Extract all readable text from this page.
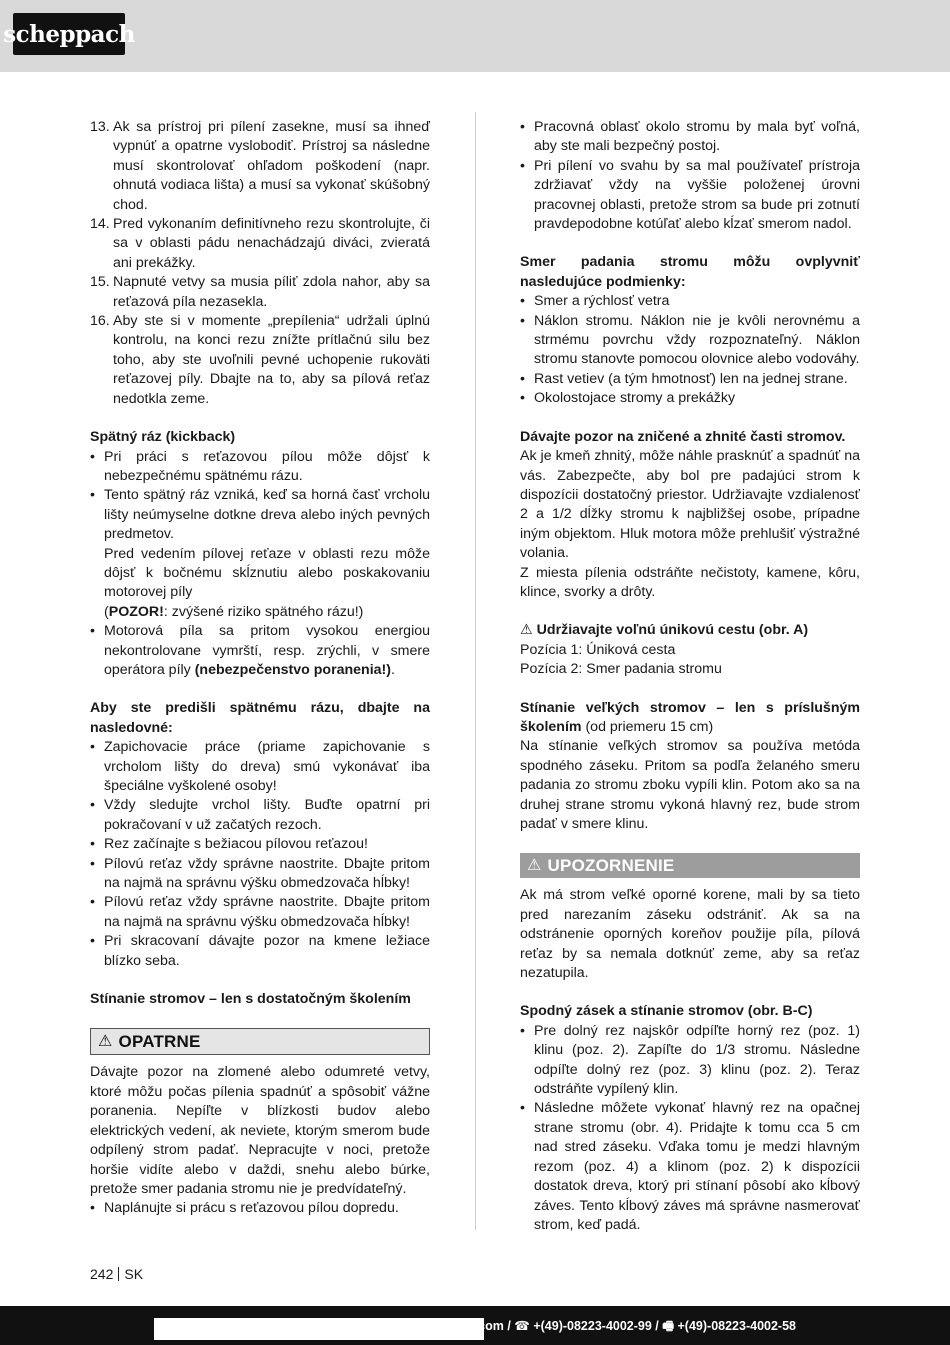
scheppach
13. Ak sa prístroj pri pílení zasekne, musí sa ihneď vypnúť a opatrne vyslobodiť. Prístroj sa následne musí skontrolovať ohľadom poškodení (napr. ohnutá vodiaca lišta) a musí sa vykonať skúšobný chod.
14. Pred vykonaním definitívneho rezu skontrolujte, či sa v oblasti pádu nenachádzajú diváci, zvieratá ani prekážky.
15. Napnuté vetvy sa musia píliť zdola nahor, aby sa reťazová píla nezasekla.
16. Aby ste si v momente „prepílenia“ udržali úplnú kontrolu, na konci rezu znížte prítlačnú silu bez toho, aby ste uvoľnili pevné uchopenie rukoväti reťazovej píly. Dbajte na to, aby sa pílová reťaz nedotkla zeme.

Spätný ráz (kickback)

• Pri práci s reťazovou pílou môže dôjsť k nebezpečnému spätnému rázu.
• Tento spätný ráz vzniká, keď sa horná časť vrcholu lišty neúmyselne dotkne dreva alebo iných pevných predmetov.
Pred vedením pílovej reťaze v oblasti rezu môže dôjsť k bočnému skĺznutiu alebo poskakovaniu motorovej píly
(POZOR!: zvýšené riziko spätného rázu!)
• Motorová píla sa pritom vysokou energiou nekontrolovane vymrští, resp. zrýchli, v smere operátora píly (nebezpečenstvo poranenia!).

Aby ste predišli spätnému rázu, dbajte na nasledovné:

• Zapichovacie práce (priame zapichovanie s vrcholom lišty do dreva) smú vykonávať iba špeciálne vyškolené osoby!
• Vždy sledujte vrchol lišty. Buďte opatrní pri pokračovaní v už začatých rezoch.
• Rez začínajte s bežiacou pílovou reťazou!
• Pílovú reťaz vždy správne naostrite. Dbajte pritom na najmä na správnu výšku obmedzovača hĺbky!
• Pílovú reťaz vždy správne naostrite. Dbajte pritom na najmä na správnu výšku obmedzovača hĺbky!
• Pri skracovaní dávajte pozor na kmene ležiace blízko seba.

Stínanie stromov – len s dostatočným školením

⚠ OPATRNE

Dávajte pozor na zlomené alebo odumreté vetvy, ktoré môžu počas pílenia spadnúť a spôsobiť vážne poranenia. Nepíľte v blízkosti budov alebo elektrických vedení, ak neviete, ktorým smerom bude odpílený strom padať. Nepracujte v noci, pretože horšie vidíte alebo v daždi, snehu alebo búrke, pretože smer padania stromu nie je predvídateľný.

• Naplánujte si prácu s reťazovou pílou dopredu.
• Pracovná oblasť okolo stromu by mala byť voľná, aby ste mali bezpečný postoj.
• Pri pílení vo svahu by sa mal používateľ prístroja zdržiavať vždy na vyššie položenej úrovni pracovnej oblasti, pretože strom sa bude pri zotnutí pravdepodobne kotúľať alebo kĺzať smerom nadol.

Smer padania stromu môžu ovplyvniť nasledujúce podmienky:

• Smer a rýchlosť vetra
• Náklon stromu. Náklon nie je kvôli nerovnému a strmému povrchu vždy rozpoznateľný. Náklon stromu stanovte pomocou olovnice alebo vodováhy.
• Rast vetiev (a tým hmotnosť) len na jednej strane.
• Okolostojace stromy a prekážky

Dávajte pozor na zničené a zhnité časti stromov.

Ak je kmeň zhnitý, môže náhle prasknúť a spadnúť na vás. Zabezpečte, aby bol pre padajúci strom k dispozícii dostatočný priestor. Udržiavajte vzdialenosť 2 a 1/2 dĺžky stromu k najbližšej osobe, prípadne iným objektom. Hluk motora môže prehlušiť výstražné volania.

Z miesta pílenia odstráňte nečistoty, kamene, kôru, klince, svorky a drôty.

⚠ Udržiavajte voľnú únikovú cestu (obr. A)

Pozícia 1: Úniková cesta

Pozícia 2: Smer padania stromu

Stínanie veľkých stromov – len s príslušným školením (od priemeru 15 cm)

Na stínanie veľkých stromov sa používa metóda spodného záseku. Pritom sa podľa želaného smeru padania zo stromu zboku vypíli klin. Potom ako sa na druhej strane stromu vykoná hlavný rez, bude strom padať v smere klinu.

⚠ UPOZORNENIE

Ak má strom veľké oporné korene, mali by sa tieto pred narezaním záseku odstrániť. Ak sa na odstránenie oporných koreňov použije píla, pílová reťaz by sa nemala dotknúť zeme, aby sa reťaz nezatupila.

Spodný zásek a stínanie stromov (obr. B-C)

• Pre dolný rez najskôr odpíľte horný rez (poz. 1) klinu (poz. 2). Zapíľte do 1/3 stromu. Následne odpíľte dolný rez (poz. 3) klinu (poz. 2). Teraz odstráňte vypílený klin.
• Následne môžete vykonať hlavný rez na opačnej strane stromu (obr. 4). Pridajte k tomu cca 5 cm nad stred záseku. Vďaka tomu je medzi hlavným rezom (poz. 4) a klinom (poz. 2) k dispozícii dostatok dreva, ktorý pri stínaní pôsobí ako kĺbový záves. Tento kĺbový záves má správne nasmerovať strom, keď padá.
242 SK
ch.com / ☎ +(49)-08223-4002-99 / 🖷 +(49)-08223-4002-58
